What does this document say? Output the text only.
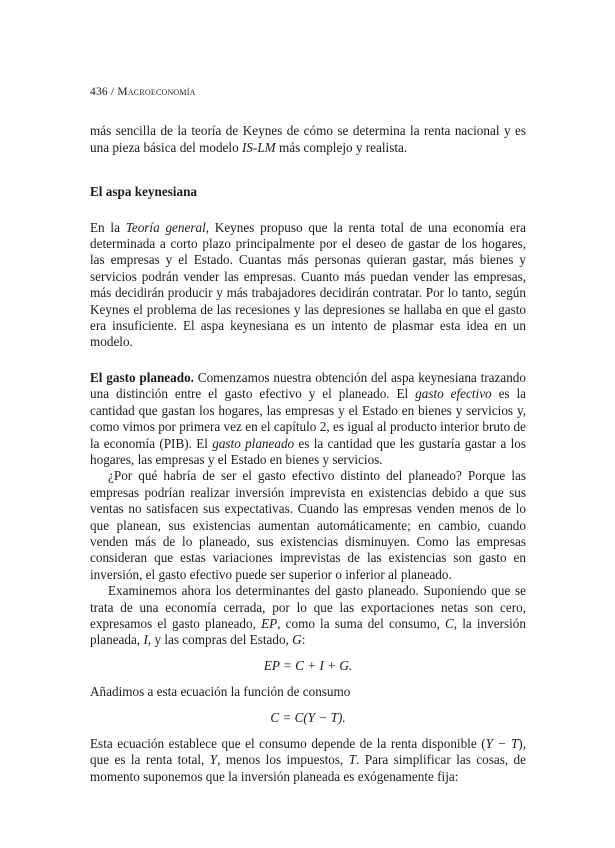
436 / Macroeconomía

más sencilla de la teoría de Keynes de cómo se determina la renta nacional y es una pieza básica del modelo IS-LM más complejo y realista.

El aspa keynesiana

En la Teoría general, Keynes propuso que la renta total de una economía era determinada a corto plazo principalmente por el deseo de gastar de los hogares, las empresas y el Estado. Cuantas más personas quieran gastar, más bienes y servicios podrán vender las empresas. Cuanto más puedan vender las empresas, más decidirán producir y más trabajadores decidirán contratar. Por lo tanto, según Keynes el problema de las recesiones y las depresiones se hallaba en que el gasto era insuficiente. El aspa keynesiana es un intento de plasmar esta idea en un modelo.

El gasto planeado. Comenzamos nuestra obtención del aspa keynesiana trazando una distinción entre el gasto efectivo y el planeado. El gasto efectivo es la cantidad que gastan los hogares, las empresas y el Estado en bienes y servicios y, como vimos por primera vez en el capítulo 2, es igual al producto interior bruto de la economía (PIB). El gasto planeado es la cantidad que les gustaría gastar a los hogares, las empresas y el Estado en bienes y servicios.

¿Por qué habría de ser el gasto efectivo distinto del planeado? Porque las empresas podrían realizar inversión imprevista en existencias debido a que sus ventas no satisfacen sus expectativas. Cuando las empresas venden menos de lo que planean, sus existencias aumentan automáticamente; en cambio, cuando venden más de lo planeado, sus existencias disminuyen. Como las empresas consideran que estas variaciones imprevistas de las existencias son gasto en inversión, el gasto efectivo puede ser superior o inferior al planeado.

Examinemos ahora los determinantes del gasto planeado. Suponiendo que se trata de una economía cerrada, por lo que las exportaciones netas son cero, expresamos el gasto planeado, EP, como la suma del consumo, C, la inversión planeada, I, y las compras del Estado, G:

EP = C + I + G.

Añadimos a esta ecuación la función de consumo

C = C(Y − T).

Esta ecuación establece que el consumo depende de la renta disponible (Y − T), que es la renta total, Y, menos los impuestos, T. Para simplificar las cosas, de momento suponemos que la inversión planeada es exógenamente fija:
